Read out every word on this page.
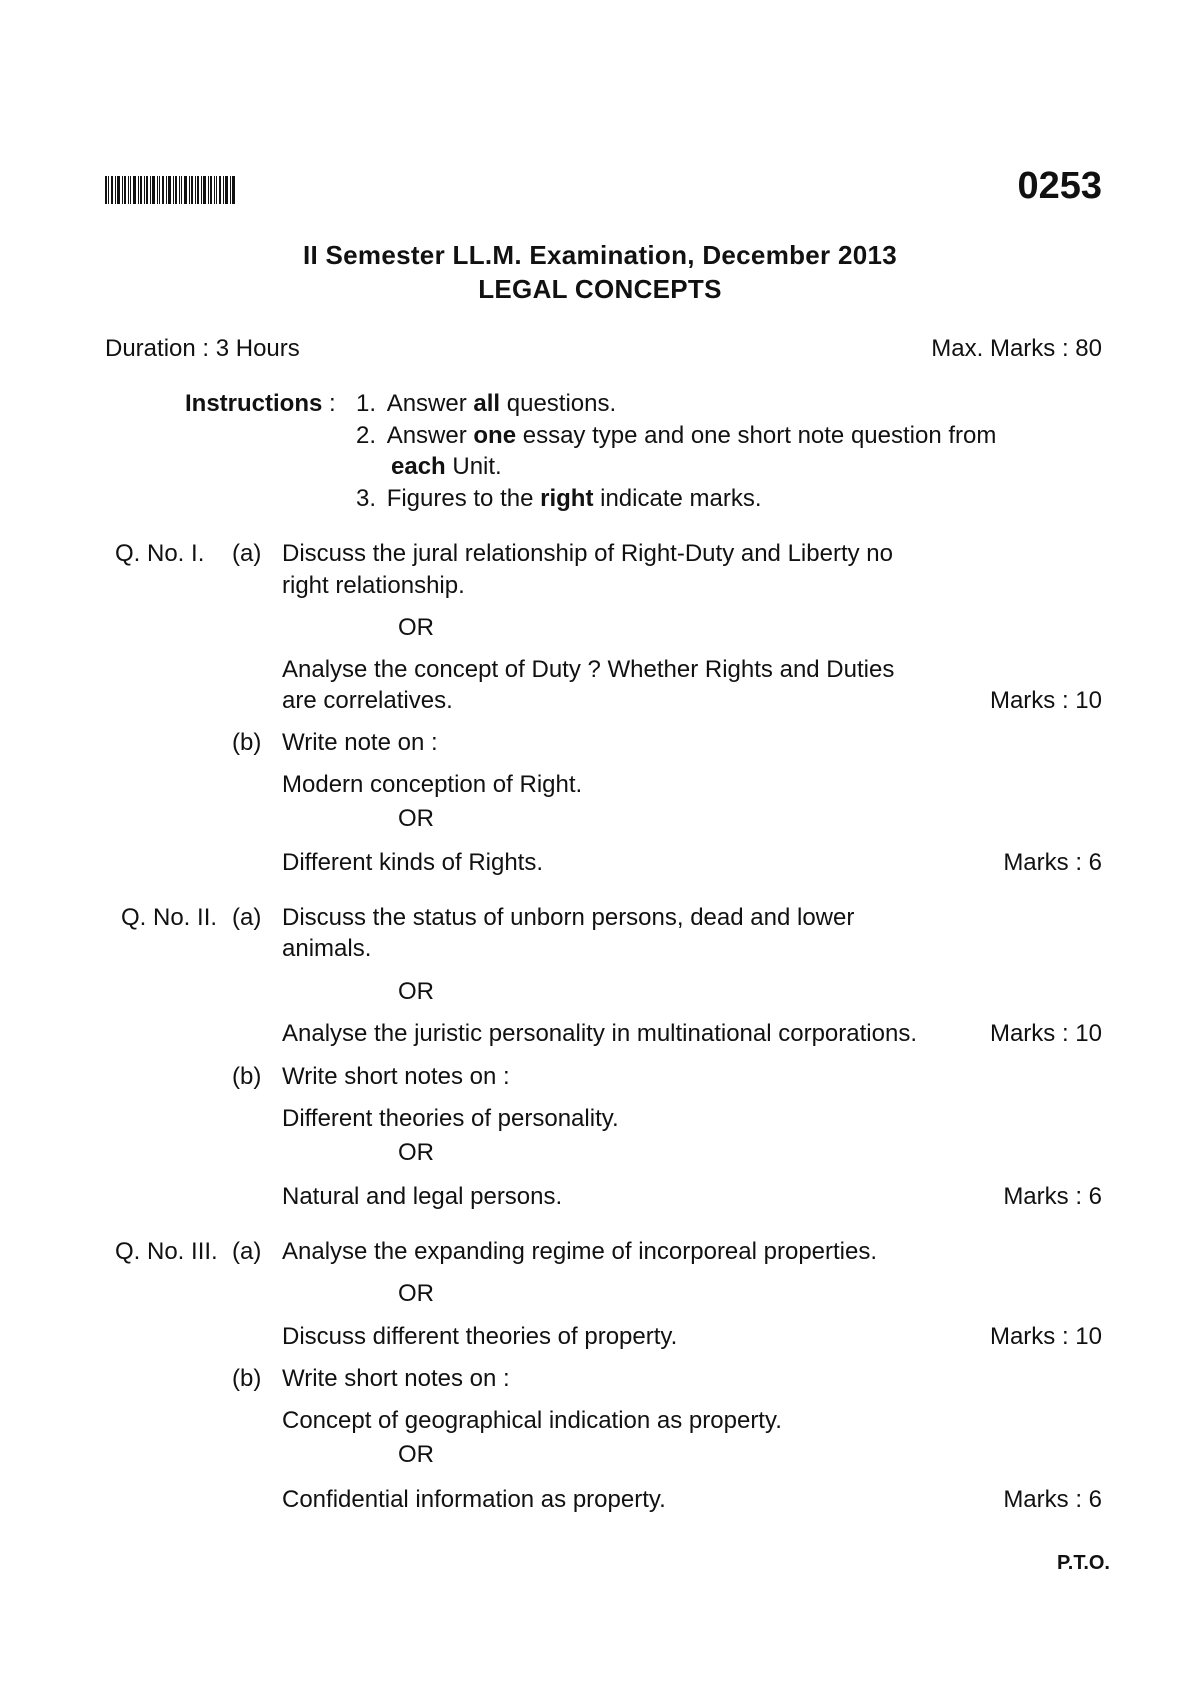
0253
II Semester LL.M. Examination, December 2013
LEGAL CONCEPTS
Duration : 3 Hours	Max. Marks : 80
Instructions : 1. Answer all questions.
2. Answer one essay type and one short note question from
each Unit.
3. Figures to the right indicate marks.
Q. No. I. (a) Discuss the jural relationship of Right-Duty and Liberty no
right relationship.
OR
Analyse the concept of Duty ? Whether Rights and Duties
are correlatives.	Marks : 10
(b) Write note on :
Modern conception of Right.
OR
Different kinds of Rights.	Marks : 6
Q. No. II. (a) Discuss the status of unborn persons, dead and lower
animals.
OR
Analyse the juristic personality in multinational corporations.	Marks : 10
(b) Write short notes on :
Different theories of personality.
OR
Natural and legal persons.	Marks : 6
Q. No. III. (a) Analyse the expanding regime of incorporeal properties.
OR
Discuss different theories of property.	Marks : 10
(b) Write short notes on :
Concept of geographical indication as property.
OR
Confidential information as property.	Marks : 6
P.T.O.
